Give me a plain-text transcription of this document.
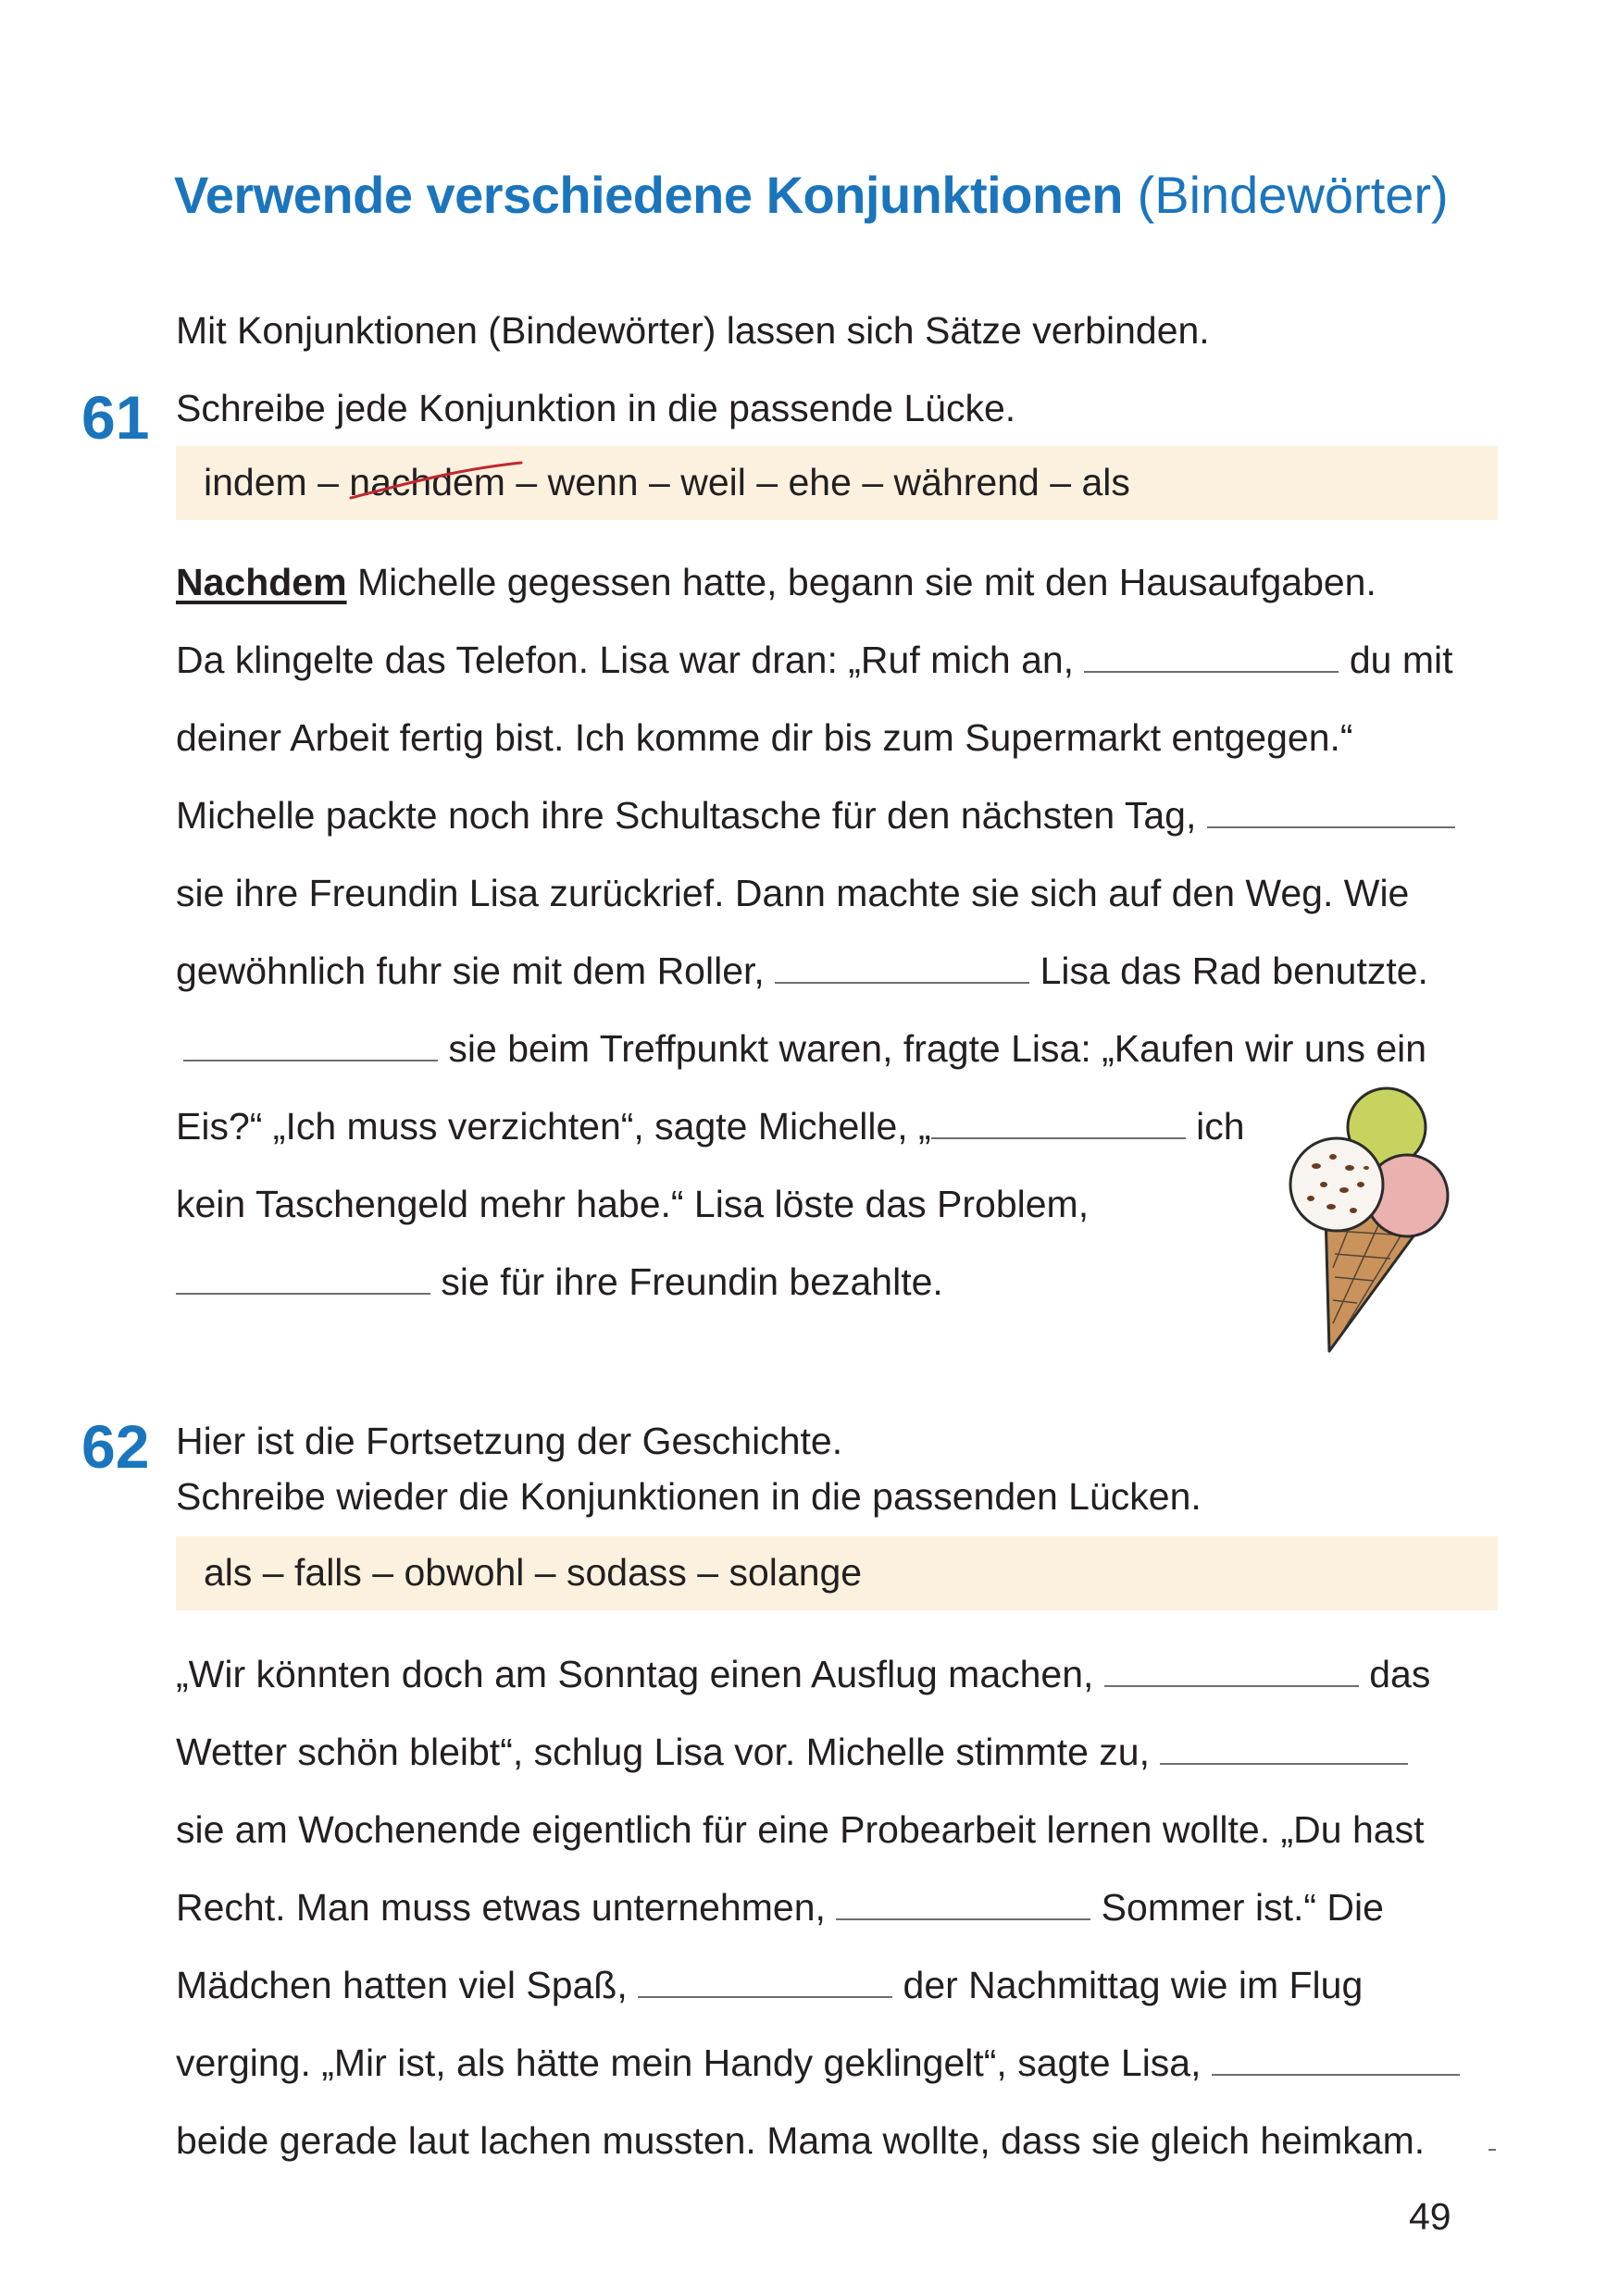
Verwende verschiedene Konjunktionen (Bindewörter)
61
Mit Konjunktionen (Bindewörter) lassen sich Sätze verbinden.
Schreibe jede Konjunktion in die passende Lücke.
indem – nachdem – wenn – weil – ehe – während – als
Nachdem Michelle gegessen hatte, begann sie mit den Hausaufgaben.
Da klingelte das Telefon. Lisa war dran: „Ruf mich an,	du mit
deiner Arbeit fertig bist. Ich komme dir bis zum Supermarkt entgegen.“
Michelle packte noch ihre Schultasche für den nächsten Tag,
sie ihre Freundin Lisa zurückrief. Dann machte sie sich auf den Weg. Wie
gewöhnlich fuhr sie mit dem Roller,	Lisa das Rad benutzte.
sie beim Treffpunkt waren, fragte Lisa: „Kaufen wir uns ein
Eis?“ „Ich muss verzichten“, sagte Michelle, „	ich
kein Taschengeld mehr habe.“ Lisa löste das Problem,
sie für ihre Freundin bezahlte.
62 Hier ist die Fortsetzung der Geschichte.
Schreibe wieder die Konjunktionen in die passenden Lücken.
als – falls – obwohl – sodass – solange
„Wir könnten doch am Sonntag einen Ausflug machen,	das
Wetter schön bleibt“, schlug Lisa vor. Michelle stimmte zu,
sie am Wochenende eigentlich für eine Probearbeit lernen wollte. „Du hast
Recht. Man muss etwas unternehmen,	Sommer ist.“ Die
Mädchen hatten viel Spaß,	der Nachmittag wie im Flug
verging. „Mir ist, als hätte mein Handy geklingelt“, sagte Lisa,
beide gerade laut lachen mussten. Mama wollte, dass sie gleich heimkam.
49
